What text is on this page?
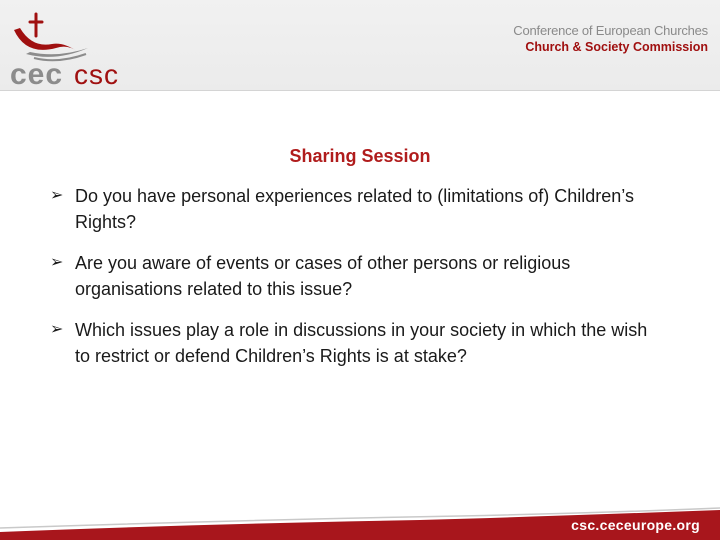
cec csc
Conference of European Churches
Church & Society Commission
Sharing Session
➢ Do you have personal experiences related to (limitations of) Children’s Rights?
➢ Are you aware of events or cases of other persons or religious organisations related to this issue?
➢ Which issues play a role in discussions in your society in which the wish to restrict or defend Children’s Rights is at stake?
csc.ceceurope.org
